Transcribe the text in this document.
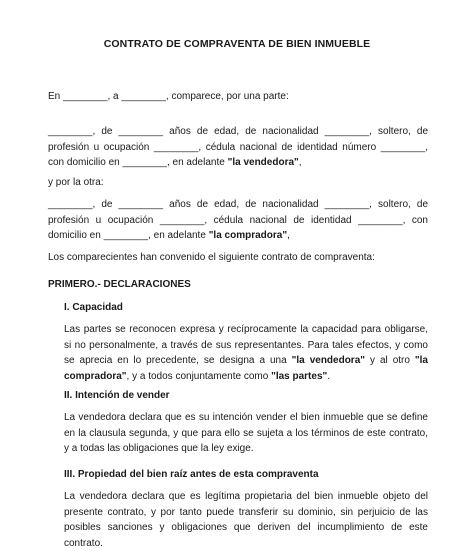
CONTRATO DE COMPRAVENTA DE BIEN INMUEBLE

En ________, a ________, comparece, por una parte:

________, de ________ años de edad, de nacionalidad ________, soltero, de profesión u ocupación ________, cédula nacional de identidad número ________, con domicilio en ________, en adelante "la vendedora",

y por la otra:

________, de ________ años de edad, de nacionalidad ________, soltero, de profesión u ocupación ________, cédula nacional de identidad ________, con domicilio en ________, en adelante "la compradora",

Los comparecientes han convenido el siguiente contrato de compraventa:

PRIMERO.- DECLARACIONES
I. Capacidad

Las partes se reconocen expresa y recíprocamente la capacidad para obligarse, si no personalmente, a través de sus representantes. Para tales efectos, y como se aprecia en lo precedente, se designa a una "la vendedora" y al otro "la compradora", y a todos conjuntamente como "las partes".

II. Intención de vender

La vendedora declara que es su intención vender el bien inmueble que se define en la clausula segunda, y que para ello se sujeta a los términos de este contrato, y a todas las obligaciones que la ley exige.

III. Propiedad del bien raíz antes de esta compraventa

La vendedora declara que es legítima propietaria del bien inmueble objeto del presente contrato, y por tanto puede transferir su dominio, sin perjuicio de las posibles sanciones y obligaciones que deriven del incumplimiento de este contrato.
